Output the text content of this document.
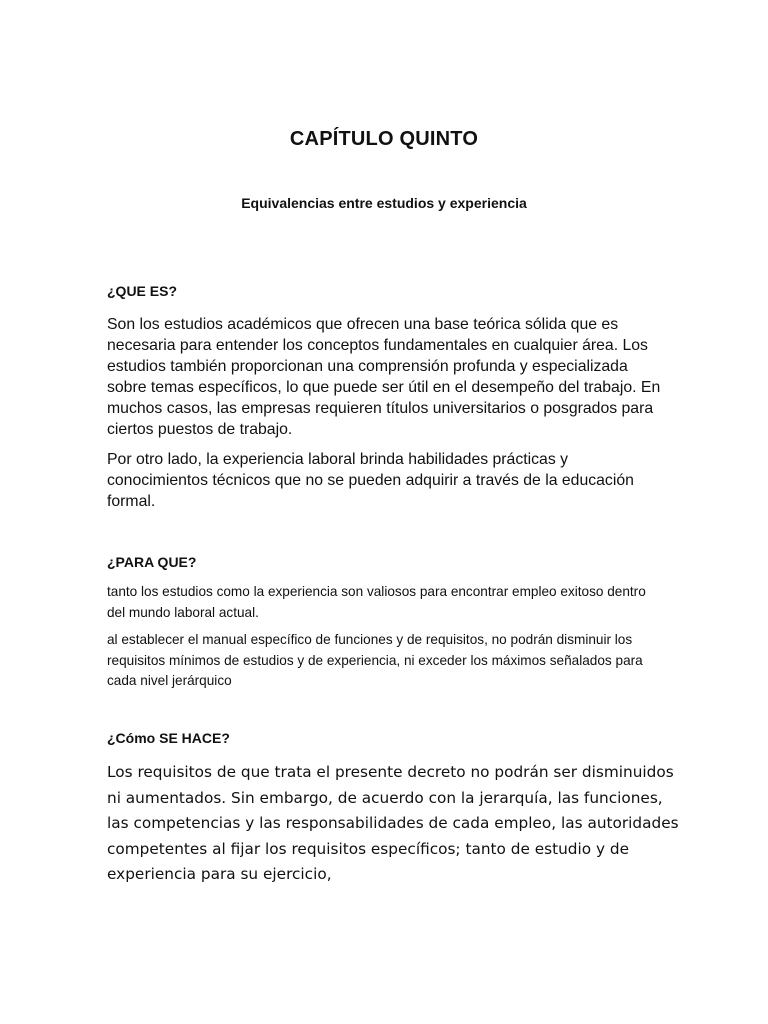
CAPÍTULO QUINTO
Equivalencias entre estudios y experiencia
¿QUE ES?

Son los estudios académicos que ofrecen una base teórica sólida que es necesaria para entender los conceptos fundamentales en cualquier área. Los estudios también proporcionan una comprensión profunda y especializada sobre temas específicos, lo que puede ser útil en el desempeño del trabajo. En muchos casos, las empresas requieren títulos universitarios o posgrados para ciertos puestos de trabajo.

Por otro lado, la experiencia laboral brinda habilidades prácticas y conocimientos técnicos que no se pueden adquirir a través de la educación formal.

¿PARA QUE?

tanto los estudios como la experiencia son valiosos para encontrar empleo exitoso dentro del mundo laboral actual.

al establecer el manual específico de funciones y de requisitos, no podrán disminuir los requisitos mínimos de estudios y de experiencia, ni exceder los máximos señalados para cada nivel jerárquico

¿Cómo SE HACE?

Los requisitos de que trata el presente decreto no podrán ser disminuidos ni aumentados. Sin embargo, de acuerdo con la jerarquía, las funciones, las competencias y las responsabilidades de cada empleo, las autoridades competentes al fijar los requisitos específicos; tanto de estudio y de experiencia para su ejercicio,
